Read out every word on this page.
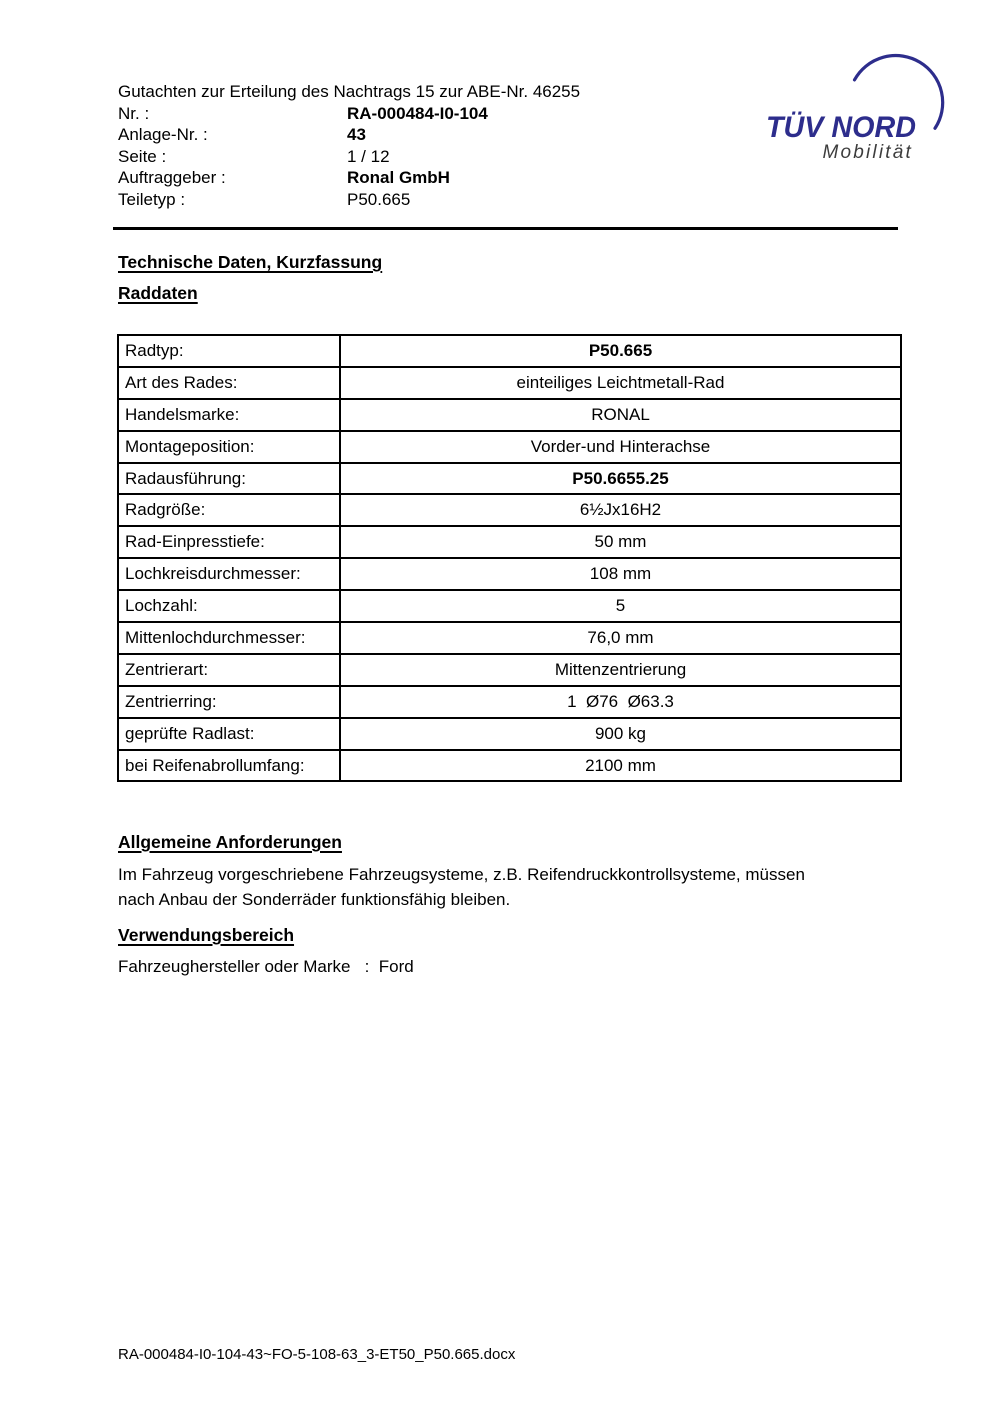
Gutachten zur Erteilung des Nachtrags 15 zur ABE-Nr. 46255
Nr. :	RA-000484-I0-104
Anlage-Nr. :	43
Seite :	1 / 12
Auftraggeber :	Ronal GmbH
Teiletyp :	P50.665
TÜV NORD
Mobilität
Technische Daten, Kurzfassung
Raddaten
Radtyp:	P50.665
Art des Rades:	einteiliges Leichtmetall-Rad
Handelsmarke:	RONAL
Montageposition:	Vorder-und Hinterachse
Radausführung:	P50.6655.25
Radgröße:	6½Jx16H2
Rad-Einpresstiefe:	50 mm
Lochkreisdurchmesser:	108 mm
Lochzahl:	5
Mittenlochdurchmesser:	76,0 mm
Zentrierart:	Mittenzentrierung
Zentrierring:	1  Ø76  Ø63.3
geprüfte Radlast:	900 kg
bei Reifenabrollumfang:	2100 mm
Allgemeine Anforderungen
Im Fahrzeug vorgeschriebene Fahrzeugsysteme, z.B. Reifendruckkontrollsysteme, müssen
nach Anbau der Sonderräder funktionsfähig bleiben.
Verwendungsbereich
Fahrzeughersteller oder Marke   :  Ford
RA-000484-I0-104-43~FO-5-108-63_3-ET50_P50.665.docx
